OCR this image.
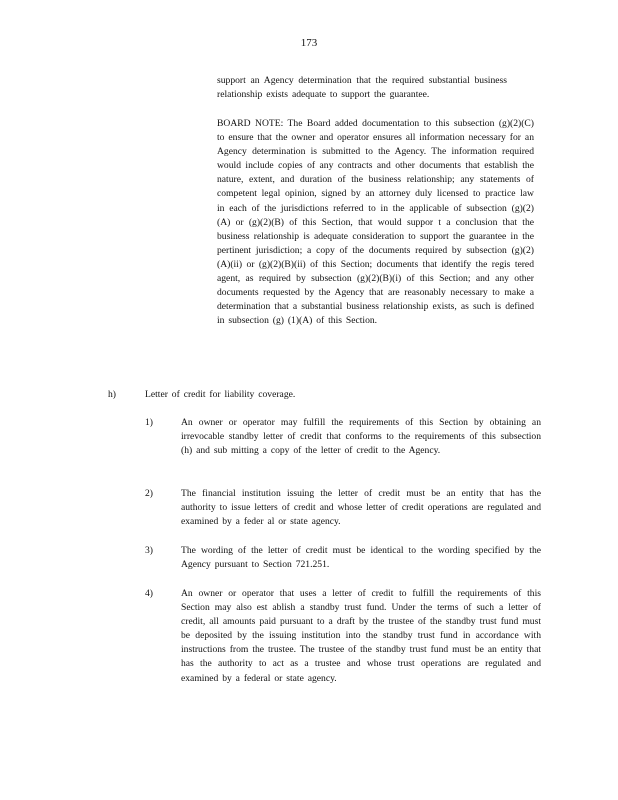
173

support an Agency determination that the required substantial business relationship exists adequate to support the guarantee.

BOARD NOTE: The Board added documentation to this subsection (g)(2)(C) to ensure that the owner and operator ensures all information necessary for an Agency determination is submitted to the Agency. The information required would include copies of any contracts and other documents that establish the nature, extent, and duration of the business relationship; any statements of competent legal opinion, signed by an attorney duly licensed to practice law in each of the jurisdictions referred to in the applicable of subsection (g)(2)(A) or (g)(2)(B) of this Section, that would suppor t a conclusion that the business relationship is adequate consideration to support the guarantee in the pertinent jurisdiction; a copy of the documents required by subsection (g)(2)(A)(ii) or (g)(2)(B)(ii) of this Section; documents that identify the regis tered agent, as required by subsection (g)(2)(B)(i) of this Section; and any other documents requested by the Agency that are reasonably necessary to make a determination that a substantial business relationship exists, as such is defined in subsection (g) (1)(A) of this Section.

h)	Letter of credit for liability coverage.
1)	An owner or operator may fulfill the requirements of this Section by obtaining an irrevocable standby letter of credit that conforms to the requirements of this subsection (h) and sub mitting a copy of the letter of credit to the Agency.

2)	The financial institution issuing the letter of credit must be an entity that has the authority to issue letters of credit and whose letter of credit operations are regulated and examined by a feder al or state agency.

3)	The wording of the letter of credit must be identical to the wording specified by the Agency pursuant to Section 721.251.

4)	An owner or operator that uses a letter of credit to fulfill the requirements of this Section may also est ablish a standby trust fund. Under the terms of such a letter of credit, all amounts paid pursuant to a draft by the trustee of the standby trust fund must be deposited by the issuing institution into the standby trust fund in accordance with instructions from the trustee. The trustee of the standby trust fund must be an entity that has the authority to act as a trustee and whose trust operations are regulated and examined by a federal or state agency.
